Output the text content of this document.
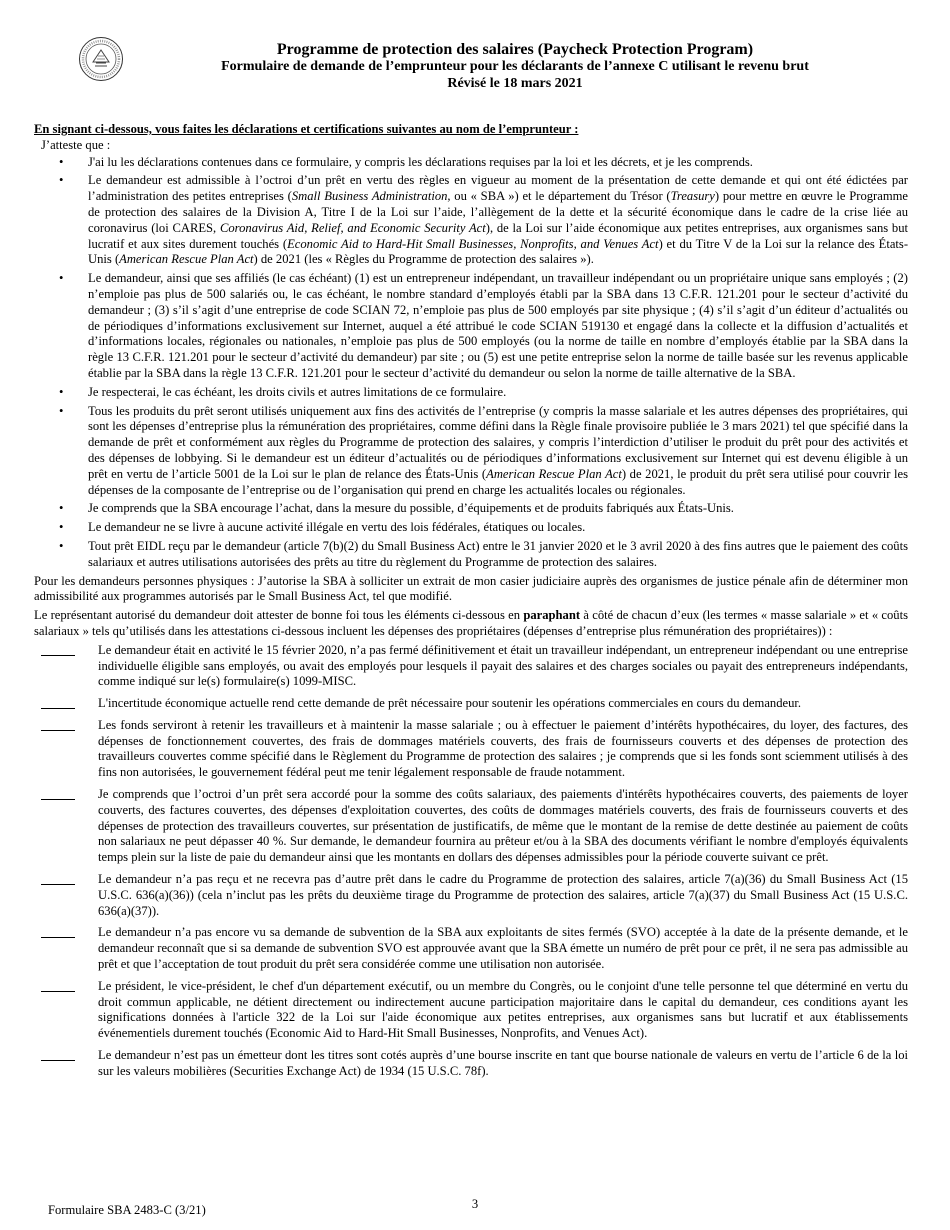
Programme de protection des salaires (Paycheck Protection Program)
Formulaire de demande de l’emprunteur pour les déclarants de l’annexe C utilisant le revenu brut
Révisé le 18 mars 2021
En signant ci-dessous, vous faites les déclarations et certifications suivantes au nom de l’emprunteur :
J’atteste que :
• J'ai lu les déclarations contenues dans ce formulaire, y compris les déclarations requises par la loi et les décrets, et je les comprends.
• Le demandeur est admissible à l’octroi d’un prêt en vertu des règles en vigueur au moment de la présentation de cette demande et qui ont été édictées par l’administration des petites entreprises (Small Business Administration, ou « SBA ») et le département du Trésor (Treasury) pour mettre en œuvre le Programme de protection des salaires de la Division A, Titre I de la Loi sur l’aide, l’allègement de la dette et la sécurité économique dans le cadre de la crise liée au coronavirus (loi CARES, Coronavirus Aid, Relief, and Economic Security Act), de la Loi sur l’aide économique aux petites entreprises, aux organismes sans but lucratif et aux sites durement touchés (Economic Aid to Hard-Hit Small Businesses, Nonprofits, and Venues Act) et du Titre V de la Loi sur la relance des États-Unis (American Rescue Plan Act) de 2021 (les « Règles du Programme de protection des salaires »).
• Le demandeur, ainsi que ses affiliés (le cas échéant) (1) est un entrepreneur indépendant, un travailleur indépendant ou un propriétaire unique sans employés ; (2) n’emploie pas plus de 500 salariés ou, le cas échéant, le nombre standard d’employés établi par la SBA dans 13 C.F.R. 121.201 pour le secteur d’activité du demandeur ; (3) s’il s’agit d’une entreprise de code SCIAN 72, n’emploie pas plus de 500 employés par site physique ; (4) s’il s’agit d’un éditeur d’actualités ou de périodiques d’informations exclusivement sur Internet, auquel a été attribué le code SCIAN 519130 et engagé dans la collecte et la diffusion d’actualités et d’informations locales, régionales ou nationales, n’emploie pas plus de 500 employés (ou la norme de taille en nombre d’employés établie par la SBA dans la règle 13 C.F.R. 121.201 pour le secteur d’activité du demandeur) par site ; ou (5) est une petite entreprise selon la norme de taille basée sur les revenus applicable établie par la SBA dans la règle 13 C.F.R. 121.201 pour le secteur d’activité du demandeur ou selon la norme de taille alternative de la SBA.
• Je respecterai, le cas échéant, les droits civils et autres limitations de ce formulaire.
• Tous les produits du prêt seront utilisés uniquement aux fins des activités de l’entreprise (y compris la masse salariale et les autres dépenses des propriétaires, qui sont les dépenses d’entreprise plus la rémunération des propriétaires, comme défini dans la Règle finale provisoire publiée le 3 mars 2021) tel que spécifié dans la demande de prêt et conformément aux règles du Programme de protection des salaires, y compris l’interdiction d’utiliser le produit du prêt pour des activités et des dépenses de lobbying. Si le demandeur est un éditeur d’actualités ou de périodiques d’informations exclusivement sur Internet qui est devenu éligible à un prêt en vertu de l’article 5001 de la Loi sur le plan de relance des États-Unis (American Rescue Plan Act) de 2021, le produit du prêt sera utilisé pour couvrir les dépenses de la composante de l’entreprise ou de l’organisation qui prend en charge les actualités locales ou régionales.
• Je comprends que la SBA encourage l’achat, dans la mesure du possible, d’équipements et de produits fabriqués aux États-Unis.
• Le demandeur ne se livre à aucune activité illégale en vertu des lois fédérales, étatiques ou locales.
• Tout prêt EIDL reçu par le demandeur (article 7(b)(2) du Small Business Act) entre le 31 janvier 2020 et le 3 avril 2020 à des fins autres que le paiement des coûts salariaux et autres utilisations autorisées des prêts au titre du règlement du Programme de protection des salaires.

Pour les demandeurs personnes physiques : J’autorise la SBA à solliciter un extrait de mon casier judiciaire auprès des organismes de justice pénale afin de déterminer mon admissibilité aux programmes autorisés par le Small Business Act, tel que modifié.

Le représentant autorisé du demandeur doit attester de bonne foi tous les éléments ci-dessous en paraphant à côté de chacun d’eux (les termes « masse salariale » et « coûts salariaux » tels qu’utilisés dans les attestations ci-dessous incluent les dépenses des propriétaires (dépenses d’entreprise plus rémunération des propriétaires)) :

Le demandeur était en activité le 15 février 2020, n’a pas fermé définitivement et était un travailleur indépendant, un entrepreneur indépendant ou une entreprise individuelle éligible sans employés, ou avait des employés pour lesquels il payait des salaires et des charges sociales ou payait des entrepreneurs indépendants, comme indiqué sur le(s) formulaire(s) 1099-MISC.
L'incertitude économique actuelle rend cette demande de prêt nécessaire pour soutenir les opérations commerciales en cours du demandeur.
Les fonds serviront à retenir les travailleurs et à maintenir la masse salariale ; ou à effectuer le paiement d’intérêts hypothécaires, du loyer, des factures, des dépenses de fonctionnement couvertes, des frais de dommages matériels couverts, des frais de fournisseurs couverts et des dépenses de protection des travailleurs couvertes comme spécifié dans le Règlement du Programme de protection des salaires ; je comprends que si les fonds sont sciemment utilisés à des fins non autorisées, le gouvernement fédéral peut me tenir légalement responsable de fraude notamment.
Je comprends que l’octroi d’un prêt sera accordé pour la somme des coûts salariaux, des paiements d'intérêts hypothécaires couverts, des paiements de loyer couverts, des factures couvertes, des dépenses d'exploitation couvertes, des coûts de dommages matériels couverts, des frais de fournisseurs couverts et des dépenses de protection des travailleurs couvertes, sur présentation de justificatifs, de même que le montant de la remise de dette destinée au paiement de coûts non salariaux ne peut dépasser 40 %. Sur demande, le demandeur fournira au prêteur et/ou à la SBA des documents vérifiant le nombre d'employés équivalents temps plein sur la liste de paie du demandeur ainsi que les montants en dollars des dépenses admissibles pour la période couverte suivant ce prêt.
Le demandeur n’a pas reçu et ne recevra pas d’autre prêt dans le cadre du Programme de protection des salaires, article 7(a)(36) du Small Business Act (15 U.S.C. 636(a)(36)) (cela n’inclut pas les prêts du deuxième tirage du Programme de protection des salaires, article 7(a)(37) du Small Business Act (15 U.S.C. 636(a)(37)).
Le demandeur n’a pas encore vu sa demande de subvention de la SBA aux exploitants de sites fermés (SVO) acceptée à la date de la présente demande, et le demandeur reconnaît que si sa demande de subvention SVO est approuvée avant que la SBA émette un numéro de prêt pour ce prêt, il ne sera pas admissible au prêt et que l’acceptation de tout produit du prêt sera considérée comme une utilisation non autorisée.
Le président, le vice-président, le chef d'un département exécutif, ou un membre du Congrès, ou le conjoint d'une telle personne tel que déterminé en vertu du droit commun applicable, ne détient directement ou indirectement aucune participation majoritaire dans le capital du demandeur, ces conditions ayant les significations données à l'article 322 de la Loi sur l'aide économique aux petites entreprises, aux organismes sans but lucratif et aux établissements événementiels durement touchés (Economic Aid to Hard-Hit Small Businesses, Nonprofits, and Venues Act).
Le demandeur n’est pas un émetteur dont les titres sont cotés auprès d’une bourse inscrite en tant que bourse nationale de valeurs en vertu de l’article 6 de la loi sur les valeurs mobilières (Securities Exchange Act) de 1934 (15 U.S.C. 78f).
3
Formulaire SBA 2483-C (3/21)
